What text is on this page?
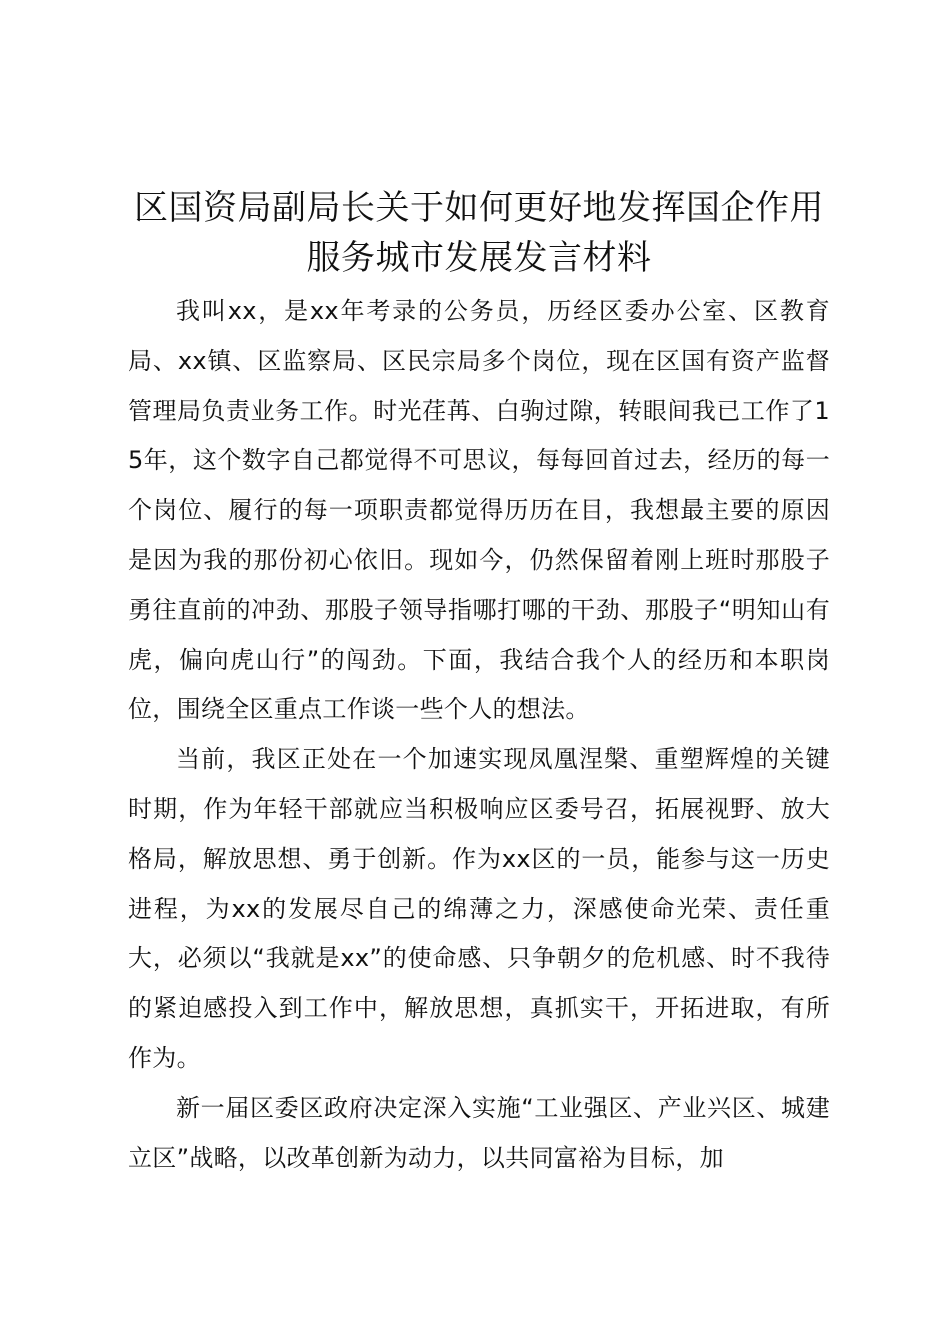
区国资局副局长关于如何更好地发挥国企作用
服务城市发展发言材料

我叫xx，是xx年考录的公务员，历经区委办公室、区教育局、xx镇、区监察局、区民宗局多个岗位，现在区国有资产监督管理局负责业务工作。时光荏苒、白驹过隙，转眼间我已工作了15年，这个数字自己都觉得不可思议，每每回首过去，经历的每一个岗位、履行的每一项职责都觉得历历在目，我想最主要的原因是因为我的那份初心依旧。现如今，仍然保留着刚上班时那股子勇往直前的冲劲、那股子领导指哪打哪的干劲、那股子“明知山有虎，偏向虎山行”的闯劲。下面，我结合我个人的经历和本职岗位，围绕全区重点工作谈一些个人的想法。

当前，我区正处在一个加速实现凤凰涅槃、重塑辉煌的关键时期，作为年轻干部就应当积极响应区委号召，拓展视野、放大格局，解放思想、勇于创新。作为xx区的一员，能参与这一历史进程，为xx的发展尽自己的绵薄之力，深感使命光荣、责任重大，必须以“我就是xx”的使命感、只争朝夕的危机感、时不我待的紧迫感投入到工作中，解放思想，真抓实干，开拓进取，有所作为。

新一届区委区政府决定深入实施“工业强区、产业兴区、城建立区”战略，以改革创新为动力，以共同富裕为目标，加
